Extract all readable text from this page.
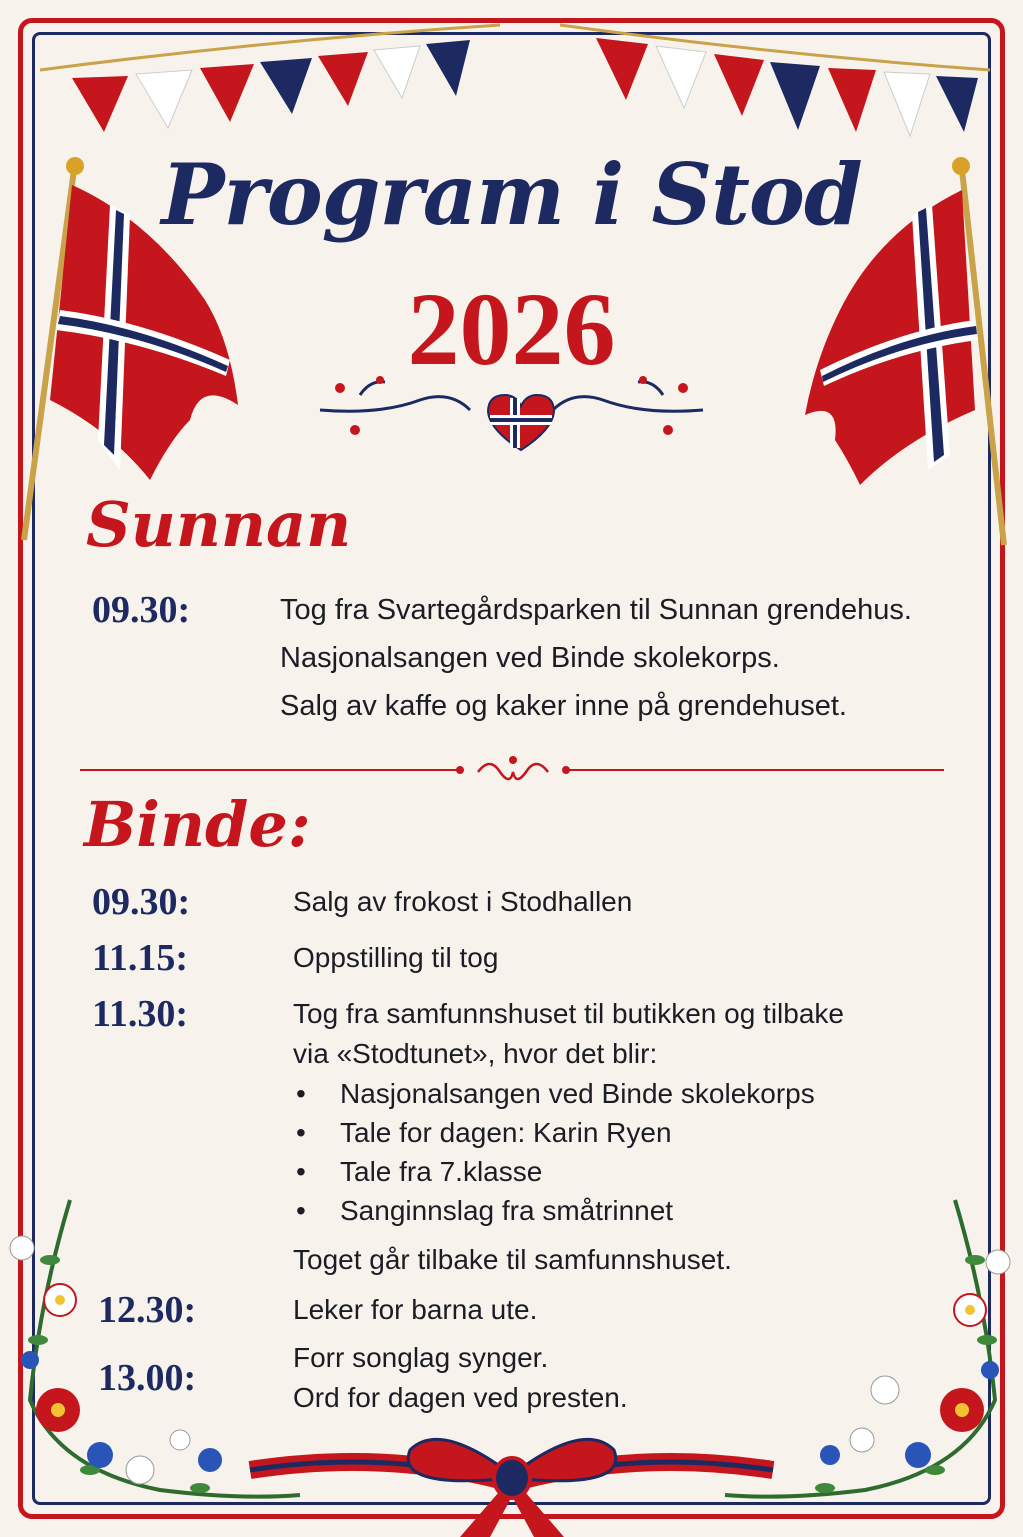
Program i Stod
2026
Sunnan
09.30:	Tog fra Svartegårdsparken til Sunnan grendehus.
Nasjonalsangen ved Binde skolekorps.
Salg av kaffe og kaker inne på grendehuset.
Binde:
09.30:	Salg av frokost i Stodhallen
11.15:	Oppstilling til tog
11.30:	Tog fra samfunnshuset til butikken og tilbake
via «Stodtunet», hvor det blir:
• Nasjonalsangen ved Binde skolekorps
• Tale for dagen: Karin Ryen
• Tale fra 7.klasse
• Sanginnslag fra småtrinnet
Toget går tilbake til samfunnshuset.
12.30:	Leker for barna ute.
13.00:	Forr songlag synger.
Ord for dagen ved presten.
